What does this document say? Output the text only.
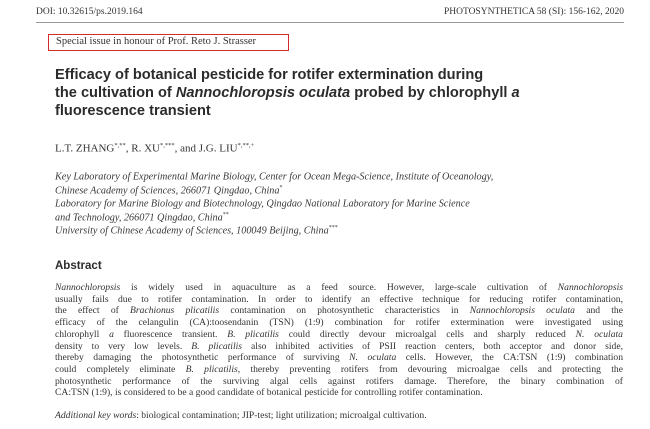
DOI: 10.32615/ps.2019.164	PHOTOSYNTHETICA 58 (SI): 156-162, 2020
Special issue in honour of Prof. Reto J. Strasser
Efficacy of botanical pesticide for rotifer extermination during
the cultivation of Nannochloropsis oculata probed by chlorophyll a
fluorescence transient
L.T. ZHANG*,**, R. XU*,***, and J.G. LIU*,**,+
Key Laboratory of Experimental Marine Biology, Center for Ocean Mega-Science, Institute of Oceanology,
Chinese Academy of Sciences, 266071 Qingdao, China*
Laboratory for Marine Biology and Biotechnology, Qingdao National Laboratory for Marine Science
and Technology, 266071 Qingdao, China**
University of Chinese Academy of Sciences, 100049 Beijing, China***
Abstract
Nannochloropsis is widely used in aquaculture as a feed source. However, large-scale cultivation of Nannochloropsis
usually fails due to rotifer contamination. In order to identify an effective technique for reducing rotifer contamination,
the effect of Brachionus plicatilis contamination on photosynthetic characteristics in Nannochloropsis oculata and the
efficacy of the celangulin (CA):toosendanin (TSN) (1:9) combination for rotifer extermination were investigated using
chlorophyll a fluorescence transient. B. plicatilis could directly devour microalgal cells and sharply reduced N. oculata
density to very low levels. B. plicatilis also inhibited activities of PSII reaction centers, both acceptor and donor side,
thereby damaging the photosynthetic performance of surviving N. oculata cells. However, the CA:TSN (1:9) combination
could completely eliminate B. plicatilis, thereby preventing rotifers from devouring microalgae cells and protecting the
photosynthetic performance of the surviving algal cells against rotifers damage. Therefore, the binary combination of
CA:TSN (1:9), is considered to be a good candidate of botanical pesticide for controlling rotifer contamination.
Additional key words: biological contamination; JIP-test; light utilization; microalgal cultivation.
